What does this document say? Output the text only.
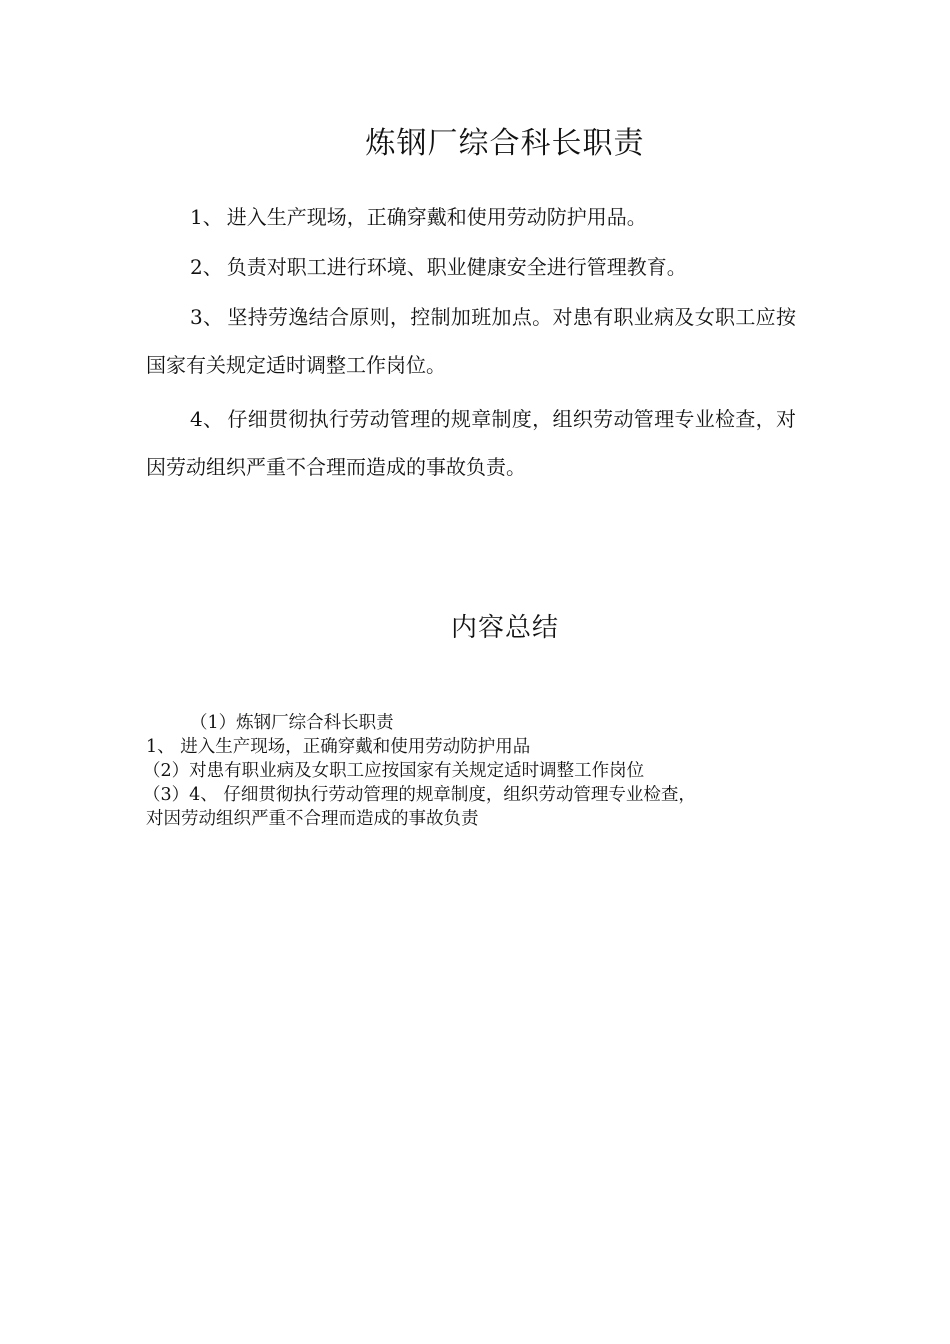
炼钢厂综合科长职责
1、 进入生产现场，正确穿戴和使用劳动防护用品。
2、 负责对职工进行环境、职业健康安全进行管理教育。
3、 坚持劳逸结合原则，控制加班加点。对患有职业病及女职工应按国家有关规定适时调整工作岗位。
4、 仔细贯彻执行劳动管理的规章制度，组织劳动管理专业检查，对因劳动组织严重不合理而造成的事故负责。
内容总结
（1）炼钢厂综合科长职责
1、 进入生产现场，正确穿戴和使用劳动防护用品
（2）对患有职业病及女职工应按国家有关规定适时调整工作岗位
（3）4、 仔细贯彻执行劳动管理的规章制度，组织劳动管理专业检查，
对因劳动组织严重不合理而造成的事故负责
